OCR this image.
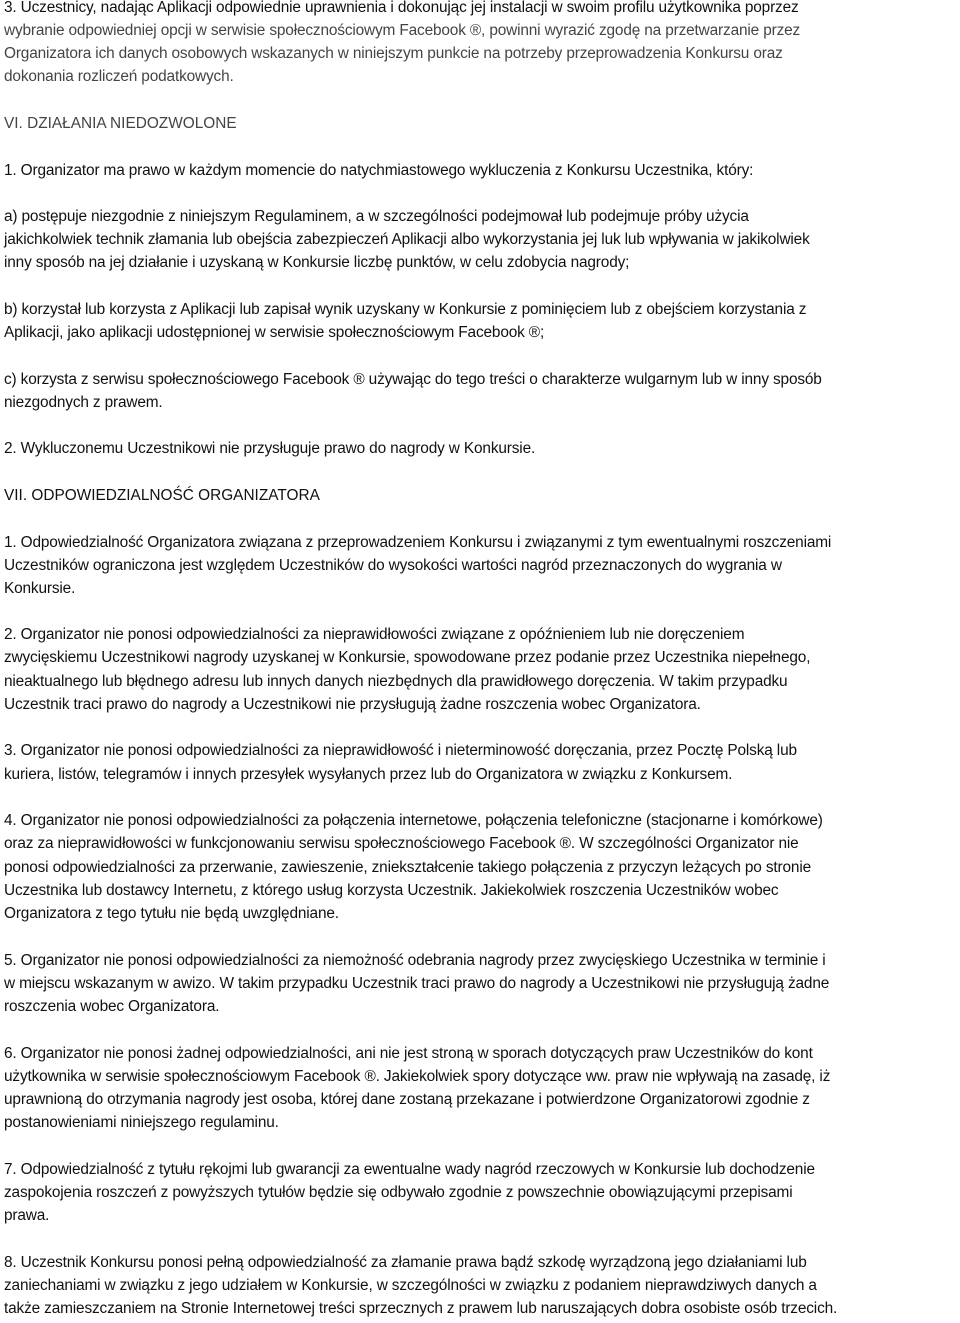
3. Uczestnicy, nadając Aplikacji odpowiednie uprawnienia i dokonując jej instalacji w swoim profilu użytkownika poprzez
wybranie odpowiedniej opcji w serwisie społecznościowym Facebook ®, powinni wyrazić zgodę na przetwarzanie przez
Organizatora ich danych osobowych wskazanych w niniejszym punkcie na potrzeby przeprowadzenia Konkursu oraz
dokonania rozliczeń podatkowych.
VI. DZIAŁANIA NIEDOZWOLONE
1. Organizator ma prawo w każdym momencie do natychmiastowego wykluczenia z Konkursu Uczestnika, który:
a) postępuje niezgodnie z niniejszym Regulaminem, a w szczególności podejmował lub podejmuje próby użycia
jakichkolwiek technik złamania lub obejścia zabezpieczeń Aplikacji albo wykorzystania jej luk lub wpływania w jakikolwiek
inny sposób na jej działanie i uzyskaną w Konkursie liczbę punktów, w celu zdobycia nagrody;
b) korzystał lub korzysta z Aplikacji lub zapisał wynik uzyskany w Konkursie z pominięciem lub z obejściem korzystania z
Aplikacji, jako aplikacji udostępnionej w serwisie społecznościowym Facebook ®;
c) korzysta z serwisu społecznościowego Facebook ® używając do tego treści o charakterze wulgarnym lub w inny sposób
niezgodnych z prawem.
2. Wykluczonemu Uczestnikowi nie przysługuje prawo do nagrody w Konkursie.
VII. ODPOWIEDZIALNOŚĆ ORGANIZATORA
1. Odpowiedzialność Organizatora związana z przeprowadzeniem Konkursu i związanymi z tym ewentualnymi roszczeniami
Uczestników ograniczona jest względem Uczestników do wysokości wartości nagród przeznaczonych do wygrania w
Konkursie.
2. Organizator nie ponosi odpowiedzialności za nieprawidłowości związane z opóźnieniem lub nie doręczeniem
zwycięskiemu Uczestnikowi nagrody uzyskanej w Konkursie, spowodowane przez podanie przez Uczestnika niepełnego,
nieaktualnego lub błędnego adresu lub innych danych niezbędnych dla prawidłowego doręczenia. W takim przypadku
Uczestnik traci prawo do nagrody a Uczestnikowi nie przysługują żadne roszczenia wobec Organizatora.
3. Organizator nie ponosi odpowiedzialności za nieprawidłowość i nieterminowość doręczania, przez Pocztę Polską lub
kuriera, listów, telegramów i innych przesyłek wysyłanych przez lub do Organizatora w związku z Konkursem.
4. Organizator nie ponosi odpowiedzialności za połączenia internetowe, połączenia telefoniczne (stacjonarne i komórkowe)
oraz za nieprawidłowości w funkcjonowaniu serwisu społecznościowego Facebook ®. W szczególności Organizator nie
ponosi odpowiedzialności za przerwanie, zawieszenie, zniekształcenie takiego połączenia z przyczyn leżących po stronie
Uczestnika lub dostawcy Internetu, z którego usług korzysta Uczestnik. Jakiekolwiek roszczenia Uczestników wobec
Organizatora z tego tytułu nie będą uwzględniane.
5. Organizator nie ponosi odpowiedzialności za niemożność odebrania nagrody przez zwycięskiego Uczestnika w terminie i
w miejscu wskazanym w awizo. W takim przypadku Uczestnik traci prawo do nagrody a Uczestnikowi nie przysługują żadne
roszczenia wobec Organizatora.
6. Organizator nie ponosi żadnej odpowiedzialności, ani nie jest stroną w sporach dotyczących praw Uczestników do kont
użytkownika w serwisie społecznościowym Facebook ®. Jakiekolwiek spory dotyczące ww. praw nie wpływają na zasadę, iż
uprawnioną do otrzymania nagrody jest osoba, której dane zostaną przekazane i potwierdzone Organizatorowi zgodnie z
postanowieniami niniejszego regulaminu.
7. Odpowiedzialność z tytułu rękojmi lub gwarancji za ewentualne wady nagród rzeczowych w Konkursie lub dochodzenie
zaspokojenia roszczeń z powyższych tytułów będzie się odbywało zgodnie z powszechnie obowiązującymi przepisami
prawa.
8. Uczestnik Konkursu ponosi pełną odpowiedzialność za złamanie prawa bądź szkodę wyrządzoną jego działaniami lub
zaniechaniami w związku z jego udziałem w Konkursie, w szczególności w związku z podaniem nieprawdziwych danych a
także zamieszczaniem na Stronie Internetowej treści sprzecznych z prawem lub naruszających dobra osobiste osób trzecich.
